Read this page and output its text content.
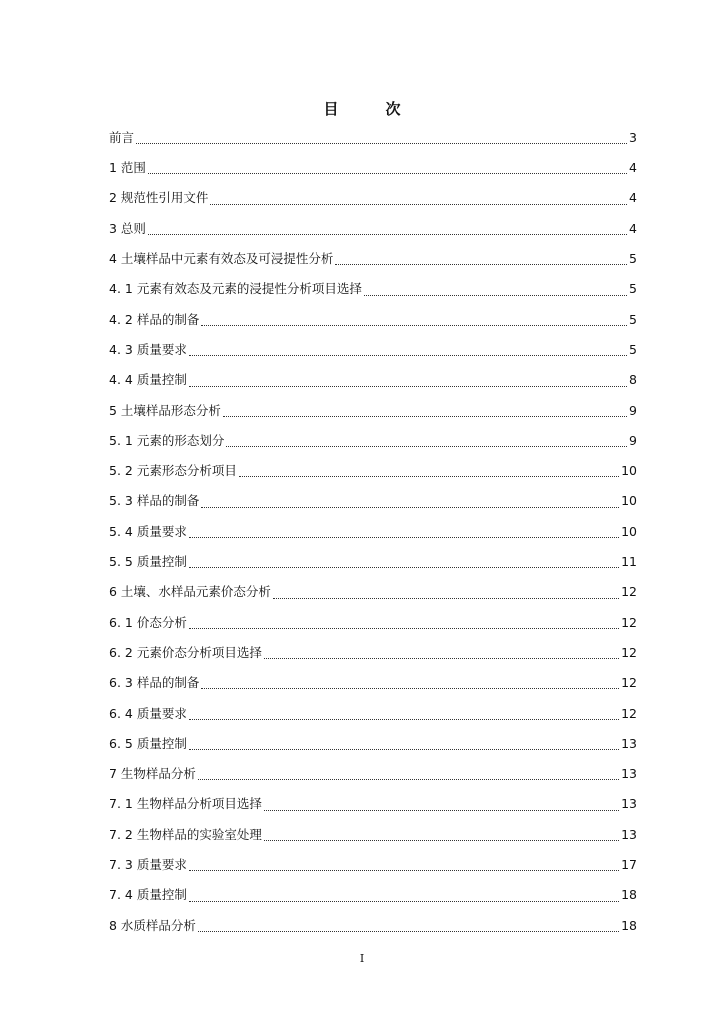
目　次
前言	3
1 范围	4
2 规范性引用文件	4
3 总则	4
4 土壤样品中元素有效态及可浸提性分析	5
4. 1 元素有效态及元素的浸提性分析项目选择	5
4. 2 样品的制备	5
4. 3 质量要求	5
4. 4 质量控制	8
5 土壤样品形态分析	9
5. 1 元素的形态划分	9
5. 2 元素形态分析项目	10
5. 3 样品的制备	10
5. 4 质量要求	10
5. 5 质量控制	11
6 土壤、水样品元素价态分析	12
6. 1 价态分析	12
6. 2 元素价态分析项目选择	12
6. 3 样品的制备	12
6. 4 质量要求	12
6. 5 质量控制	13
7 生物样品分析	13
7. 1 生物样品分析项目选择	13
7. 2 生物样品的实验室处理	13
7. 3 质量要求	17
7. 4 质量控制	18
8 水质样品分析	18
I
